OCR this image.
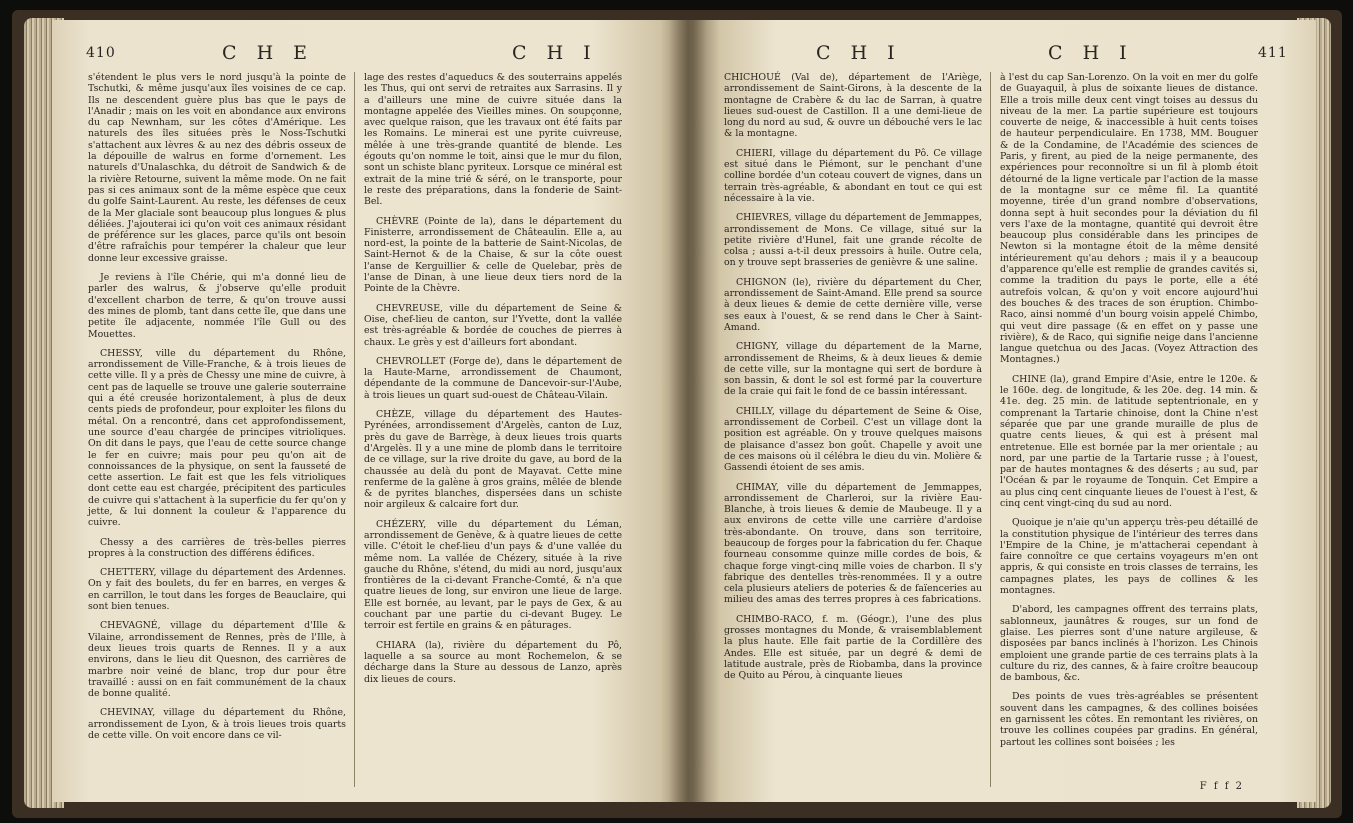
410	C H E	C H I

s'étendent le plus vers le nord jusqu'à la pointe de Tschutki, & même jusqu'aux îles voisines de ce cap. Ils ne descendent guère plus bas que le pays de l'Anadir ; mais on les voit en abondance aux environs du cap Newnham, sur les côtes d'Amérique. Les naturels des îles situées près le Noss-Tschutki s'attachent aux lèvres & au nez des débris osseux de la dépouille de walrus en forme d'ornement. Les naturels d'Unalaschka, du détroit de Sandwich & de la rivière Retourne, suivent la même mode. On ne fait pas si ces animaux sont de la même espèce que ceux du golfe Saint-Laurent. Au reste, les défenses de ceux de la Mer glaciale sont beaucoup plus longues & plus déliées. J'ajouterai ici qu'on voit ces animaux résidant de préférence sur les glaces, parce qu'ils ont besoin d'être rafraîchis pour tempérer la chaleur que leur donne leur excessive graisse.

Je reviens à l'île Chérie, qui m'a donné lieu de parler des walrus, & j'observe qu'elle produit d'excellent charbon de terre, & qu'on trouve aussi des mines de plomb, tant dans cette île, que dans une petite île adjacente, nommée l'île Gull ou des Mouettes.

CHESSY, ville du département du Rhône, arrondissement de Ville-Franche, & à trois lieues de cette ville. Il y a près de Chessy une mine de cuivre, à cent pas de laquelle se trouve une galerie souterraine qui a été creusée horizontalement, à plus de deux cents pieds de profondeur, pour exploiter les filons du métal. On a rencontré, dans cet approfondissement, une source d'eau chargée de principes vitrioliques. On dit dans le pays, que l'eau de cette source change le fer en cuivre; mais pour peu qu'on ait de connoissances de la physique, on sent la fausseté de cette assertion. Le fait est que les fels vitrioliques dont cette eau est chargée, précipitent des particules de cuivre qui s'attachent à la superficie du fer qu'on y jette, & lui donnent la couleur & l'apparence du cuivre.

Chessy a des carrières de très-belles pierres propres à la construction des différens édifices.

CHETTERY, village du département des Ardennes. On y fait des boulets, du fer en barres, en verges & en carrillon, le tout dans les forges de Beauclaire, qui sont bien tenues.

CHEVAGNÉ, village du département d'Ille & Vilaine, arrondissement de Rennes, près de l'Ille, à deux lieues trois quarts de Rennes. Il y a aux environs, dans le lieu dit Quesnon, des carrières de marbre noir veiné de blanc, trop dur pour être travaillé : aussi on en fait communément de la chaux de bonne qualité.

CHEVINAY, village du département du Rhône, arrondissement de Lyon, & à trois lieues trois quarts de cette ville. On voit encore dans ce vil-

lage des restes d'aqueducs & des souterrains appelés les Thus, qui ont servi de retraites aux Sarrasins. Il y a d'ailleurs une mine de cuivre située dans la montagne appelée des Vieilles mines. On soupçonne, avec quelque raison, que les travaux ont été faits par les Romains. Le minerai est une pyrite cuivreuse, mêlée à une très-grande quantité de blende. Les égouts qu'on nomme le toit, ainsi que le mur du filon, sont un schiste blanc pyriteux. Lorsque ce minéral est extrait de la mine trié & séré, on le transporte, pour le reste des préparations, dans la fonderie de Saint-Bel.

CHÈVRE (Pointe de la), dans le département du Finisterre, arrondissement de Châteaulin. Elle a, au nord-est, la pointe de la batterie de Saint-Nicolas, de Saint-Hernot & de la Chaise, & sur la côte ouest l'anse de Kerguillier & celle de Quelebar, près de l'anse de Dinan, à une lieue deux tiers nord de la Pointe de la Chèvre.

CHEVREUSE, ville du département de Seine & Oise, chef-lieu de canton, sur l'Yvette, dont la vallée est très-agréable & bordée de couches de pierres à chaux. Le grès y est d'ailleurs fort abondant.

CHEVROLLET (Forge de), dans le département de la Haute-Marne, arrondissement de Chaumont, dépendante de la commune de Dancevoir-sur-l'Aube, à trois lieues un quart sud-ouest de Château-Vilain.

CHÈZE, village du département des Hautes-Pyrénées, arrondissement d'Argelès, canton de Luz, près du gave de Barrège, à deux lieues trois quarts d'Argelès. Il y a une mine de plomb dans le territoire de ce village, sur la rive droite du gave, au bord de la chaussée au delà du pont de Mayavat. Cette mine renferme de la galène à gros grains, mêlée de blende & de pyrites blanches, dispersées dans un schiste noir argileux & calcaire fort dur.

CHÉZERY, ville du département du Léman, arrondissement de Genève, & à quatre lieues de cette ville. C'étoit le chef-lieu d'un pays & d'une vallée du même nom. La vallée de Chézery, située à la rive gauche du Rhône, s'étend, du midi au nord, jusqu'aux frontières de la ci-devant Franche-Comté, & n'a que quatre lieues de long, sur environ une lieue de large. Elle est bornée, au levant, par le pays de Gex, & au couchant par une partie du ci-devant Bugey. Le terroir est fertile en grains & en pâturages.

CHIARA (la), rivière du département du Pô, laquelle a sa source au mont Rochemelon, & se décharge dans la Sture au dessous de Lanzo, après dix lieues de cours.

C H I	C H I	411

CHICHOUÉ (Val de), département de l'Ariège, arrondissement de Saint-Girons, à la descente de la montagne de Crabère & du lac de Sarran, à quatre lieues sud-ouest de Castillon. Il a une demi-lieue de long du nord au sud, & ouvre un débouché vers le lac & la montagne.

CHIERI, village du département du Pô. Ce village est situé dans le Piémont, sur le penchant d'une colline bordée d'un coteau couvert de vignes, dans un terrain très-agréable, & abondant en tout ce qui est nécessaire à la vie.

CHIEVRES, village du département de Jemmappes, arrondissement de Mons. Ce village, situé sur la petite rivière d'Hunel, fait une grande récolte de colsa ; aussi a-t-il deux pressoirs à huile. Outre cela, on y trouve sept brasseries de genièvre & une saline.

CHIGNON (le), rivière du département du Cher, arrondissement de Saint-Amand. Elle prend sa source à deux lieues & demie de cette dernière ville, verse ses eaux à l'ouest, & se rend dans le Cher à Saint-Amand.

CHIGNY, village du département de la Marne, arrondissement de Rheims, & à deux lieues & demie de cette ville, sur la montagne qui sert de bordure à son bassin, & dont le sol est formé par la couverture de la craie qui fait le fond de ce bassin intéressant.

CHILLY, village du département de Seine & Oise, arrondissement de Corbeil. C'est un village dont la position est agréable. On y trouve quelques maisons de plaisance d'assez bon goût. Chapelle y avoit une de ces maisons où il célébra le dieu du vin. Molière & Gassendi étoient de ses amis.

CHIMAY, ville du département de Jemmappes, arrondissement de Charleroi, sur la rivière Eau-Blanche, à trois lieues & demie de Maubeuge. Il y a aux environs de cette ville une carrière d'ardoise très-abondante. On trouve, dans son territoire, beaucoup de forges pour la fabrication du fer. Chaque fourneau consomme quinze mille cordes de bois, & chaque forge vingt-cinq mille voies de charbon. Il s'y fabrique des dentelles très-renommées. Il y a outre cela plusieurs ateliers de poteries & de faïenceries au milieu des amas des terres propres à ces fabrications.

CHIMBO-RACO, f. m. (Géogr.), l'une des plus grosses montagnes du Monde, & vraisemblablement la plus haute. Elle fait partie de la Cordillère des Andes. Elle est située, par un degré & demi de latitude australe, près de Riobamba, dans la province de Quito au Pérou, à cinquante lieues

à l'est du cap San-Lorenzo. On la voit en mer du golfe de Guayaquil, à plus de soixante lieues de distance. Elle a trois mille deux cent vingt toises au dessus du niveau de la mer. La partie supérieure est toujours couverte de neige, & inaccessible à huit cents toises de hauteur perpendiculaire. En 1738, MM. Bouguer & de la Condamine, de l'Académie des sciences de Paris, y firent, au pied de la neige permanente, des expériences pour reconnoître si un fil à plomb étoit détourné de la ligne verticale par l'action de la masse de la montagne sur ce même fil. La quantité moyenne, tirée d'un grand nombre d'observations, donna sept à huit secondes pour la déviation du fil vers l'axe de la montagne, quantité qui devroit être beaucoup plus considérable dans les principes de Newton si la montagne étoit de la même densité intérieurement qu'au dehors ; mais il y a beaucoup d'apparence qu'elle est remplie de grandes cavités si, comme la tradition du pays le porte, elle a été autrefois volcan, & qu'on y voit encore aujourd'hui des bouches & des traces de son éruption. Chimbo-Raco, ainsi nommé d'un bourg voisin appelé Chimbo, qui veut dire passage (& en effet on y passe une rivière), & de Raco, qui signifie neige dans l'ancienne langue quetchua ou des Jacas. (Voyez Attraction des Montagnes.)

CHINE (la), grand Empire d'Asie, entre le 120e. & le 160e. deg. de longitude, & les 20e. deg. 14 min. & 41e. deg. 25 min. de latitude septentrionale, en y comprenant la Tartarie chinoise, dont la Chine n'est séparée que par une grande muraille de plus de quatre cents lieues, & qui est à présent mal entretenue. Elle est bornée par la mer orientale ; au nord, par une partie de la Tartarie russe ; à l'ouest, par de hautes montagnes & des déserts ; au sud, par l'Océan & par le royaume de Tonquin. Cet Empire a au plus cinq cent cinquante lieues de l'ouest à l'est, & cinq cent vingt-cinq du sud au nord.

Quoique je n'aie qu'un apperçu très-peu détaillé de la constitution physique de l'intérieur des terres dans l'Empire de la Chine, je m'attacherai cependant à faire connoître ce que certains voyageurs m'en ont appris, & qui consiste en trois classes de terrains, les campagnes plates, les pays de collines & les montagnes.

D'abord, les campagnes offrent des terrains plats, sablonneux, jaunâtres & rouges, sur un fond de glaise. Les pierres sont d'une nature argileuse, & disposées par bancs inclinés à l'horizon. Les Chinois emploient une grande partie de ces terrains plats à la culture du riz, des cannes, & à faire croître beaucoup de bambous, &c.

Des points de vues très-agréables se présentent souvent dans les campagnes, & des collines boisées en garnissent les côtes. En remontant les rivières, on trouve les collines coupées par gradins. En général, partout les collines sont boisées ; les

F f f 2
